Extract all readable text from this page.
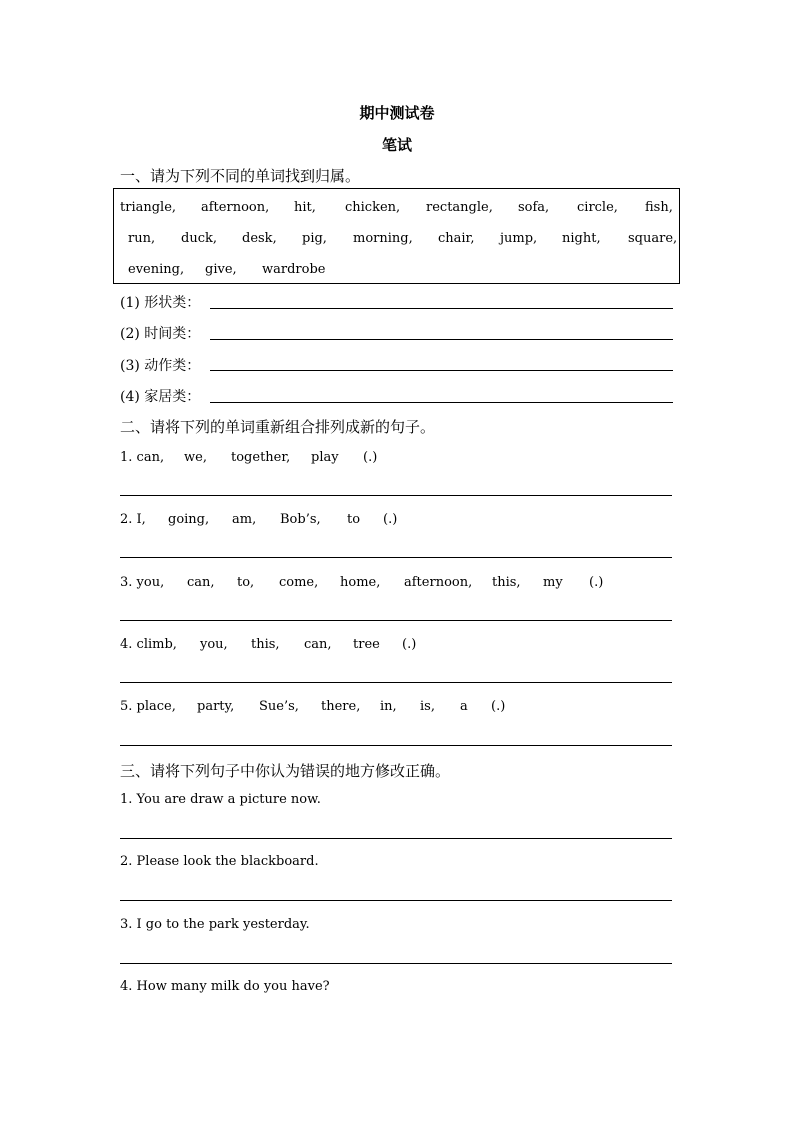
期中测试卷
笔试
一、请为下列不同的单词找到归属。
triangle, afternoon, hit, chicken, rectangle, sofa, circle, fish,
run, duck, desk, pig, morning, chair, jump, night, square,
evening, give, wardrobe
(1) 形状类：
(2) 时间类：
(3) 动作类：
(4) 家居类：
二、请将下列的单词重新组合排列成新的句子。
1. can, we, together, play (.)
2. I, going, am, Bob’s, to (.)
3. you, can, to, come, home, afternoon, this, my (.)
4. climb, you, this, can, tree (.)
5. place, party, Sue’s, there, in, is, a (.)
三、请将下列句子中你认为错误的地方修改正确。
1. You are draw a picture now.
2. Please look the blackboard.
3. I go to the park yesterday.
4. How many milk do you have?
